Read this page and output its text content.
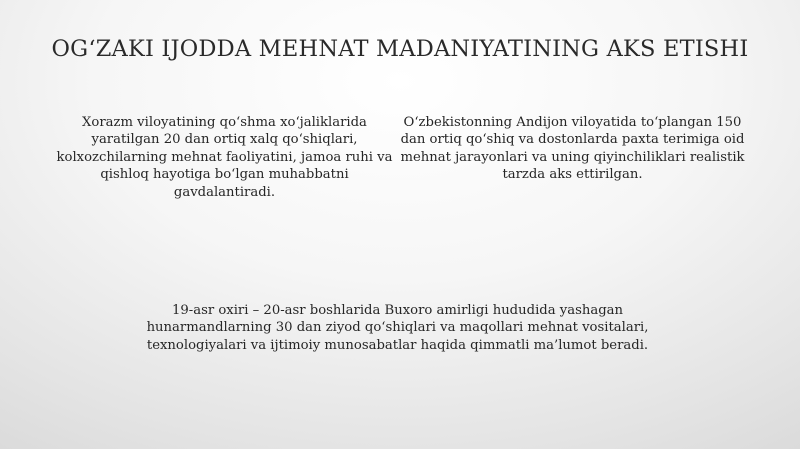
OG‘ZAKI IJODDA MEHNAT MADANIYATINING AKS ETISHI
Xorazm viloyatining qo‘shma xo‘jaliklarida yaratilgan 20 dan ortiq xalq qo‘shiqlari, kolxozchilarning mehnat faoliyatini, jamoa ruhi va qishloq hayotiga bo‘lgan muhabbatni gavdalantiradi.
O‘zbekistonning Andijon viloyatida to‘plangan 150 dan ortiq qo‘shiq va dostonlarda paxta terimiga oid mehnat jarayonlari va uning qiyinchiliklari realistik tarzda aks ettirilgan.
19-asr oxiri – 20-asr boshlarida Buxoro amirligi hududida yashagan hunarmandlarning 30 dan ziyod qo‘shiqlari va maqollari mehnat vositalari, texnologiyalari va ijtimoiy munosabatlar haqida qimmatli ma’lumot beradi.
